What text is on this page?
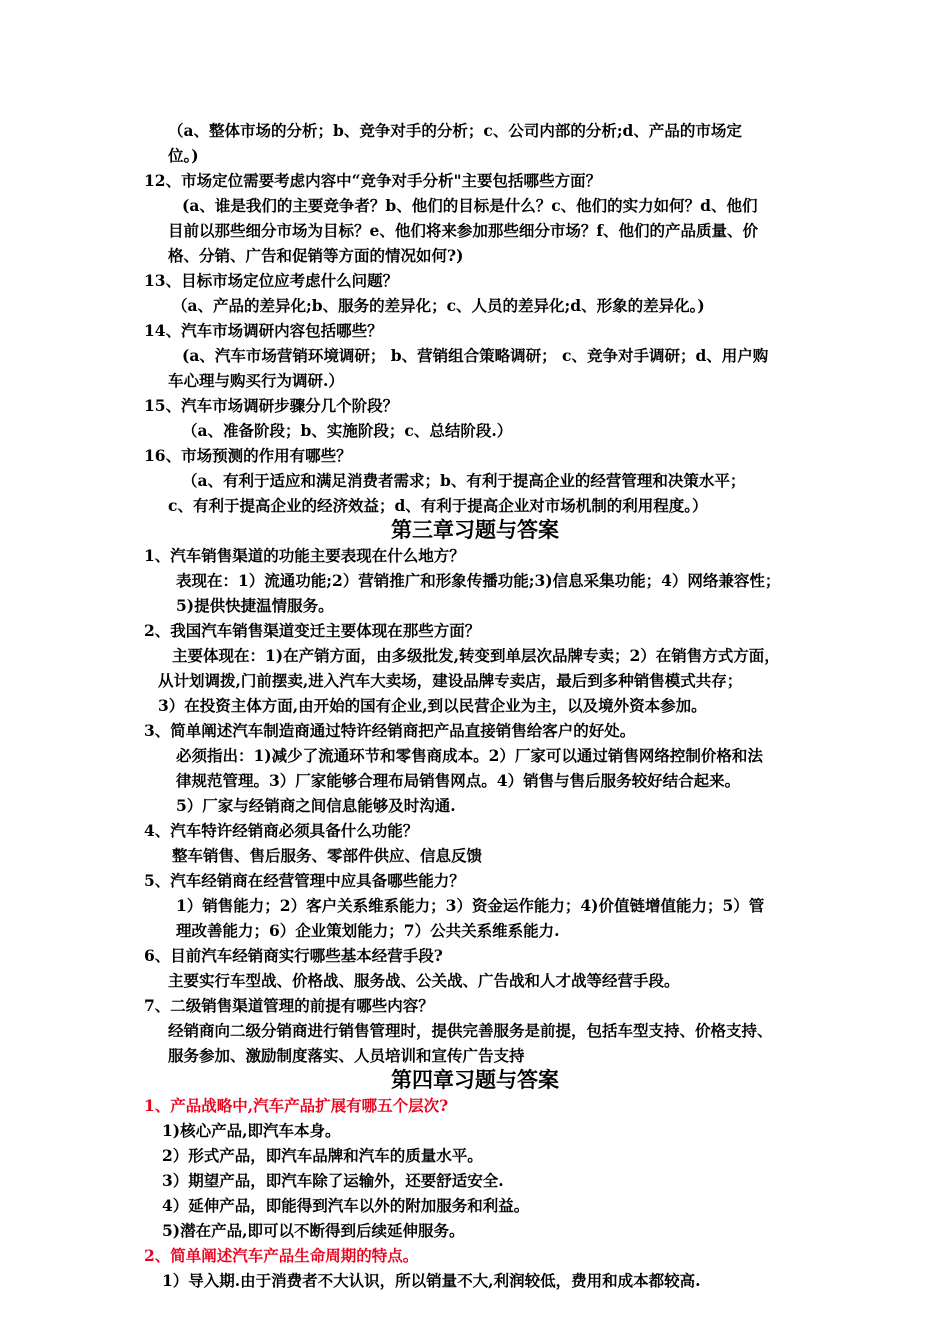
（a、整体市场的分析；b、竞争对手的分析；c、公司内部的分析;d、产品的市场定
位。)
12、市场定位需要考虑内容中“竞争对手分析"主要包括哪些方面？
(a、谁是我们的主要竞争者？b、他们的目标是什么？c、他们的实力如何？d、他们
目前以那些细分市场为目标？e、他们将来参加那些细分市场？f、他们的产品质量、价
格、分销、广告和促销等方面的情况如何?)
13、目标市场定位应考虑什么问题？
（a、产品的差异化;b、服务的差异化；c、人员的差异化;d、形象的差异化。)
14、汽车市场调研内容包括哪些？
(a、汽车市场营销环境调研； b、营销组合策略调研； c、竞争对手调研；d、用户购
车心理与购买行为调研.）
15、汽车市场调研步骤分几个阶段？
（a、准备阶段；b、实施阶段；c、总结阶段.）
16、市场预测的作用有哪些？
（a、有利于适应和满足消费者需求；b、有利于提高企业的经营管理和决策水平；
c、有利于提高企业的经济效益；d、有利于提高企业对市场机制的利用程度。）
第三章习题与答案
1、汽车销售渠道的功能主要表现在什么地方？
表现在：1）流通功能;2）营销推广和形象传播功能;3)信息采集功能；4）网络兼容性；
5)提供快捷温情服务。
2、我国汽车销售渠道变迁主要体现在那些方面？
主要体现在：1)在产销方面，由多级批发,转变到单层次品牌专卖；2）在销售方式方面，
从计划调拨,门前摆卖,进入汽车大卖场，建设品牌专卖店，最后到多种销售模式共存；
3）在投资主体方面,由开始的国有企业,到以民营企业为主，以及境外资本参加。
3、简单阐述汽车制造商通过特许经销商把产品直接销售给客户的好处。
必须指出：1)减少了流通环节和零售商成本。2）厂家可以通过销售网络控制价格和法
律规范管理。3）厂家能够合理布局销售网点。4）销售与售后服务较好结合起来。
5）厂家与经销商之间信息能够及时沟通.
4、汽车特许经销商必须具备什么功能？
整车销售、售后服务、零部件供应、信息反馈
5、汽车经销商在经营管理中应具备哪些能力？
1）销售能力；2）客户关系维系能力；3）资金运作能力；4)价值链增值能力；5）管
理改善能力；6）企业策划能力；7）公共关系维系能力.
6、目前汽车经销商实行哪些基本经营手段?
主要实行车型战、价格战、服务战、公关战、广告战和人才战等经营手段。
7、二级销售渠道管理的前提有哪些内容？
经销商向二级分销商进行销售管理时，提供完善服务是前提，包括车型支持、价格支持、
服务参加、激励制度落实、人员培训和宣传广告支持
第四章习题与答案
1、产品战略中,汽车产品扩展有哪五个层次?
1)核心产品,即汽车本身。
2）形式产品，即汽车品牌和汽车的质量水平。
3）期望产品，即汽车除了运输外，还要舒适安全.
4）延伸产品，即能得到汽车以外的附加服务和利益。
5)潜在产品,即可以不断得到后续延伸服务。
2、简单阐述汽车产品生命周期的特点。
1）导入期.由于消费者不大认识，所以销量不大,利润较低，费用和成本都较高.
